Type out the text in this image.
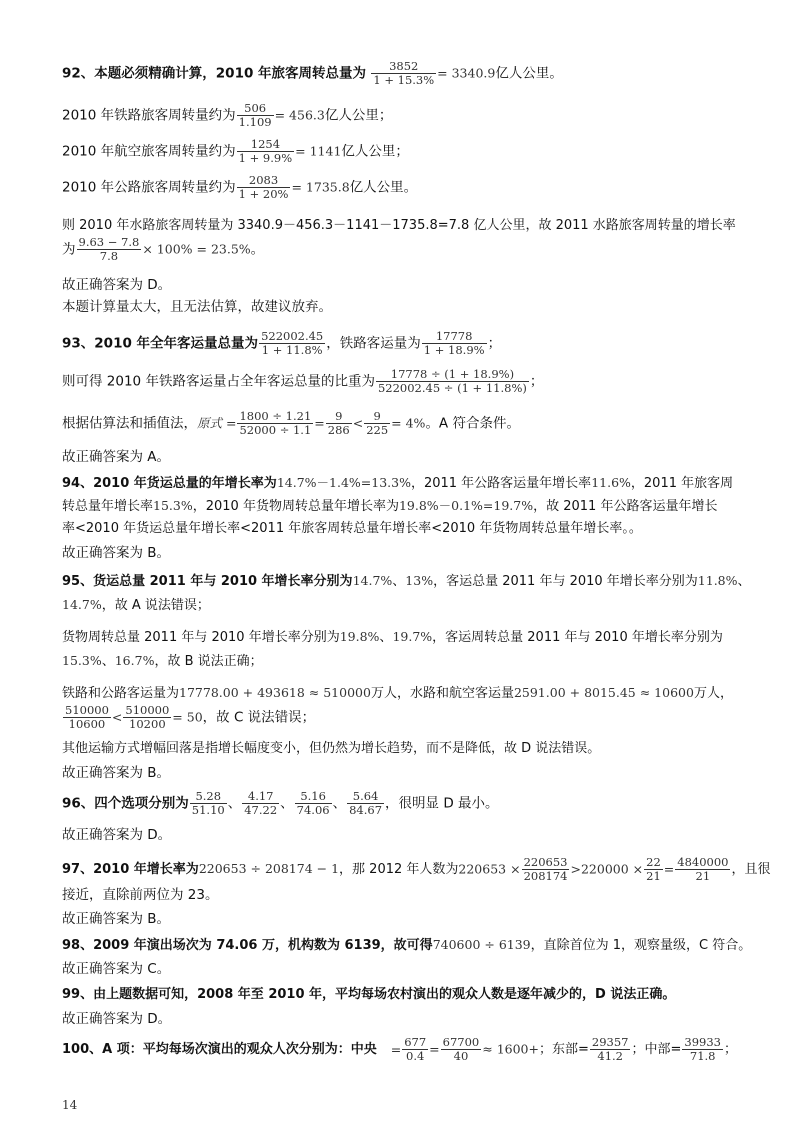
92、本题必须精确计算，2010 年旅客周转总量为 $\frac{3852}{1 + 15.3\%} = 3340.9$亿人公里。
2010 年铁路旅客周转量约为 $\frac{506}{1.109} = 456.3$亿人公里；
2010 年航空旅客周转量约为 $\frac{1254}{1 + 9.9\%} = 1141$亿人公里；
2010 年公路旅客周转量约为 $\frac{2083}{1 + 20\%} = 1735.8$亿人公里。
则 2010 年水路旅客周转量为 3340.9－456.3－1141－1735.8=7.8 亿人公里，故 2011 水路旅客周转量的增长率
为 $\frac{9.63 - 7.8}{7.8} \times 100\% = 23.5\%$。
故正确答案为 D。
本题计算量太大，且无法估算，故建议放弃。
93、2010 年全年客运量总量为 $\frac{522002.45}{1 + 11.8\%}$ ，铁路客运量为 $\frac{17778}{1 + 18.9\%}$ ；
则可得 2010 年铁路客运量占全年客运总量的比重为 $\frac{17778 \div (1 + 18.9\%)}{522002.45 \div (1 + 11.8\%)}$ ；
根据估算法和插值法，原式 = $\frac{1800 \div 1.21}{52000 \div 1.1} = \frac{9}{286} < \frac{9}{225} = 4\%$。A 符合条件。
故正确答案为 A。
94、2010 年货运总量的年增长率为14.7%－1.4%=13.3%，2011 年公路客运量年增长率11.6%，2011 年旅客周
转总量年增长率15.3%，2010 年货物周转总量年增长率为19.8%－0.1%=19.7%，故 2011 年公路客运量年增长
率<2010 年货运总量年增长率<2011 年旅客周转总量年增长率<2010 年货物周转总量年增长率。。
故正确答案为 B。
95、货运总量 2011 年与 2010 年增长率分别为14.7%、13%，客运总量 2011 年与 2010 年增长率分别为11.8%、
14.7%，故 A 说法错误；
货物周转总量 2011 年与 2010 年增长率分别为19.8%、19.7%，客运周转总量 2011 年与 2010 年增长率分别为
15.3%、16.7%，故 B 说法正确；
铁路和公路客运量为17778.00 + 493618 ≈ 510000万人，水路和航空客运量2591.00 + 8015.45 ≈ 10600万人，
$\frac{510000}{10600} < \frac{510000}{10200} = 50$，故 C 说法错误；
其他运输方式增幅回落是指增长幅度变小，但仍然为增长趋势，而不是降低，故 D 说法错误。
故正确答案为 B。
96、四个选项分别为 $\frac{5.28}{51.10}$ 、 $\frac{4.17}{47.22}$ 、 $\frac{5.16}{74.06}$ 、 $\frac{5.64}{84.67}$ ，很明显 D 最小。
故正确答案为 D。
97、2010 年增长率为220653 ÷ 208174 − 1，那 2012 年人数为$220653 \times \frac{220653}{208174} >220000 \times \frac{22}{21} = \frac{4840000}{21}$ ，且很
接近，直除前两位为 23。
故正确答案为 B。
98、2009 年演出场次为 74.06 万，机构数为 6139，故可得740600 ÷ 6139，直除首位为 1，观察量级，C 符合。
故正确答案为 C。
99、由上题数据可知，2008 年至 2010 年，平均每场农村演出的观众人数是逐年减少的，D 说法正确。
故正确答案为 D。
100、A 项：平均每场次演出的观众人次分别为：中央 = $\frac{677}{0.4} = \frac{67700}{40} \approx 1600+$；东部= $\frac{29357}{41.2}$ ；中部= $\frac{39933}{71.8}$ ；
14
